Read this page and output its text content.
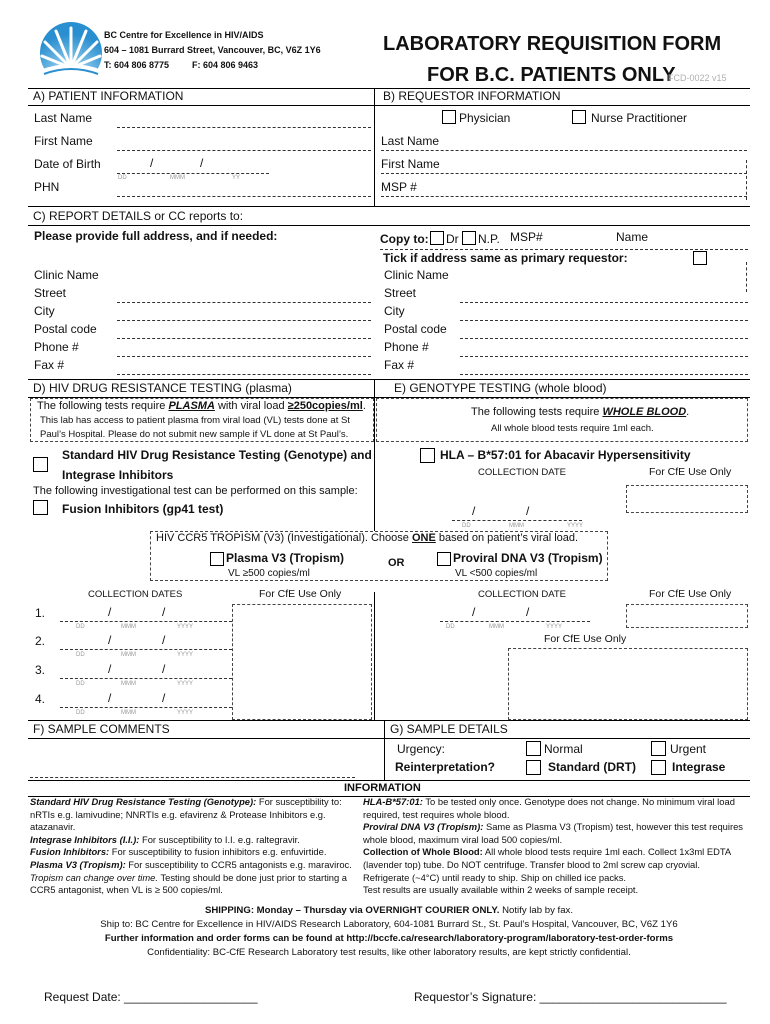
BC Centre for Excellence in HIV/AIDS
604 – 1081 Burrard Street, Vancouver, BC, V6Z 1Y6
T: 604 806 8775	F: 604 806 9463
LABORATORY REQUISITION FORM
FOR B.C. PATIENTS ONLY
FCD-0022 v15
A) PATIENT INFORMATION	B) REQUESTOR INFORMATION
Last Name
First Name
Date of Birth	/	/
DD	MMM	YY
PHN
Physician	Nurse Practitioner
Last Name
First Name
MSP #
C) REPORT DETAILS or CC reports to:
Please provide full address, and if needed:	Copy to: Dr N.P. MSP#	Name
Tick if address same as primary requestor:
Clinic Name
Street
City
Postal code
Phone #
Fax #
Clinic Name
Street
City
Postal code
Phone #
Fax #
D) HIV DRUG RESISTANCE TESTING (plasma)	E) GENOTYPE TESTING (whole blood)
The following tests require PLASMA with viral load ≥250copies/ml.
This lab has access to patient plasma from viral load (VL) tests done at St
Paul’s Hospital. Please do not submit new sample if VL done at St Paul’s.
Standard HIV Drug Resistance Testing (Genotype) and
Integrase Inhibitors
The following investigational test can be performed on this sample:
Fusion Inhibitors (gp41 test)
The following tests require WHOLE BLOOD.
All whole blood tests require 1ml each.
HLA – B*57:01 for Abacavir Hypersensitivity
COLLECTION DATE	For CfE Use Only
/	/
DD	MMM	YYYY
HIV CCR5 TROPISM (V3) (Investigational). Choose ONE based on patient’s viral load.
Plasma V3 (Tropism)
VL ≥500 copies/ml
OR	Proviral DNA V3 (Tropism)
VL <500 copies/ml
COLLECTION DATES	For CfE Use Only
1.	/	/
DD	MMM	YYYY
2.	/	/
DD	MMM	YYYY
3.	/	/
DD	MMM	YYYY
4.	/	/
DD	MMM	YYYY
COLLECTION DATE	For CfE Use Only
/	/
DD	MMM	YYYY
For CfE Use Only
F) SAMPLE COMMENTS	G) SAMPLE DETAILS
Urgency:	Normal	Urgent
Reinterpretation?	Standard (DRT)	Integrase
INFORMATION
Standard HIV Drug Resistance Testing (Genotype): For susceptibility to: nRTIs e.g. lamivudine; NNRTIs e.g. efavirenz & Protease Inhibitors e.g. atazanavir.
Integrase Inhibitors (I.I.): For susceptibility to I.I. e.g. raltegravir.
Fusion Inhibitors: For susceptibility to fusion inhibitors e.g. enfuvirtide.
Plasma V3 (Tropism): For susceptibility to CCR5 antagonists e.g. maraviroc. Tropism can change over time. Testing should be done just prior to starting a CCR5 antagonist, when VL is ≥ 500 copies/ml.
HLA-B*57:01: To be tested only once. Genotype does not change. No minimum viral load required, test requires whole blood.
Proviral DNA V3 (Tropism): Same as Plasma V3 (Tropism) test, however this test requires whole blood, maximum viral load 500 copies/ml.
Collection of Whole Blood: All whole blood tests require 1ml each. Collect 1x3ml EDTA (lavender top) tube. Do NOT centrifuge. Transfer blood to 2ml screw cap cryovial. Refrigerate (~4°C) until ready to ship. Ship on chilled ice packs.
Test results are usually available within 2 weeks of sample receipt.
SHIPPING: Monday – Thursday via OVERNIGHT COURIER ONLY. Notify lab by fax.
Ship to: BC Centre for Excellence in HIV/AIDS Research Laboratory, 604-1081 Burrard St., St. Paul’s Hospital, Vancouver, BC, V6Z 1Y6
Further information and order forms can be found at http://bccfe.ca/research/laboratory-program/laboratory-test-order-forms
Confidentiality: BC-CfE Research Laboratory test results, like other laboratory results, are kept strictly confidential.
Request Date: ____________________	Requestor’s Signature: ____________________________
